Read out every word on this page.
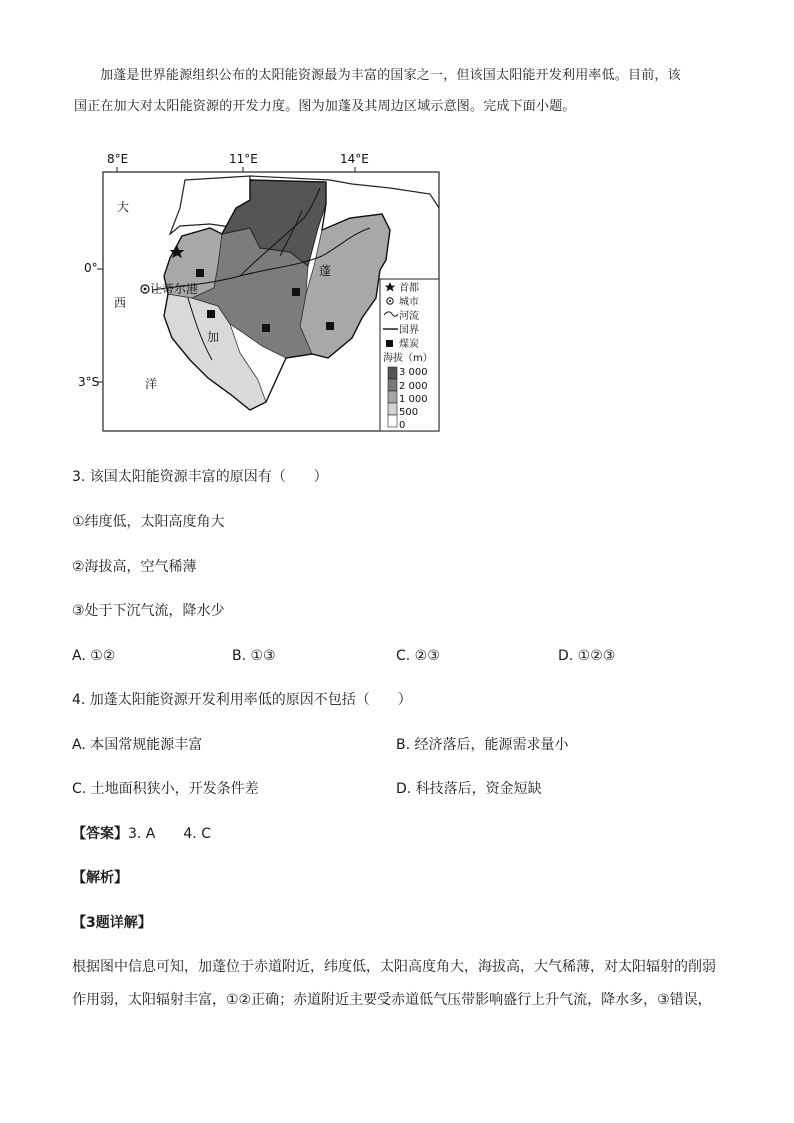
加蓬是世界能源组织公布的太阳能资源最为丰富的国家之一，但该国太阳能开发利用率低。目前，该
国正在加大对太阳能资源的开发力度。图为加蓬及其周边区域示意图。完成下面小题。
8°E	11°E	14°E
0°
3°S
让蒂尔港
大
西
洋
蓬
加
首都
城市
河流
国界
煤炭
海拔（m）
3 000
2 000
1 000
500
0
3. 该国太阳能资源丰富的原因有（　　）
①纬度低，太阳高度角大
②海拔高，空气稀薄
③处于下沉气流，降水少
A. ①②	B. ①③	C. ②③	D. ①②③
4. 加蓬太阳能资源开发利用率低的原因不包括（　　）
A. 本国常规能源丰富	B. 经济落后，能源需求量小
C. 土地面积狭小，开发条件差	D. 科技落后，资金短缺
【答案】3. A 4. C
【解析】
【3题详解】
根据图中信息可知，加蓬位于赤道附近，纬度低，太阳高度角大，海拔高，大气稀薄，对太阳辐射的削弱
作用弱，太阳辐射丰富，①②正确；赤道附近主要受赤道低气压带影响盛行上升气流，降水多，③错误，
